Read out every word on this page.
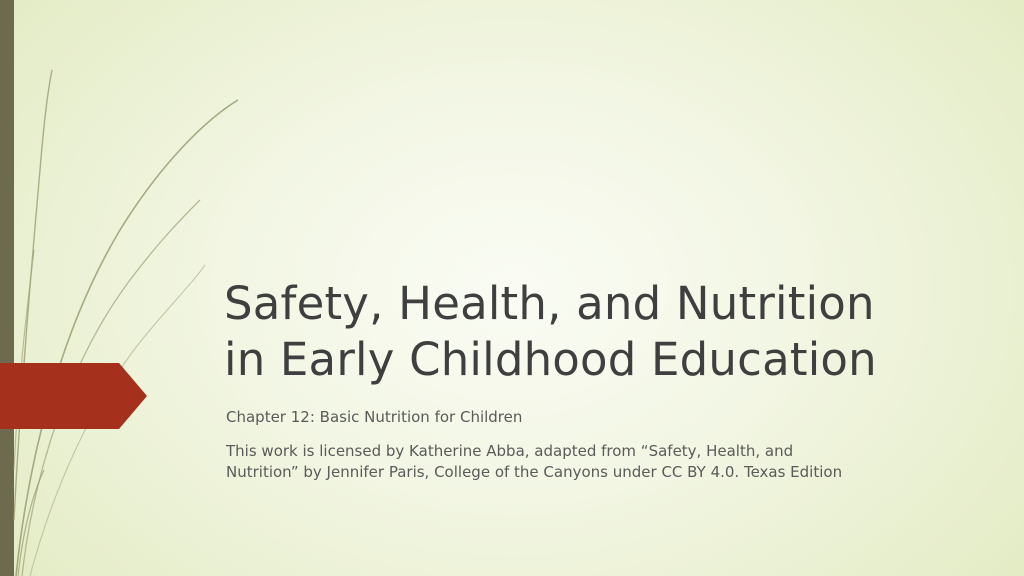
Safety, Health, and Nutrition
in Early Childhood Education
Chapter 12: Basic Nutrition for Children
This work is licensed by Katherine Abba, adapted from “Safety, Health, and
Nutrition” by Jennifer Paris, College of the Canyons under CC BY 4.0. Texas Edition
